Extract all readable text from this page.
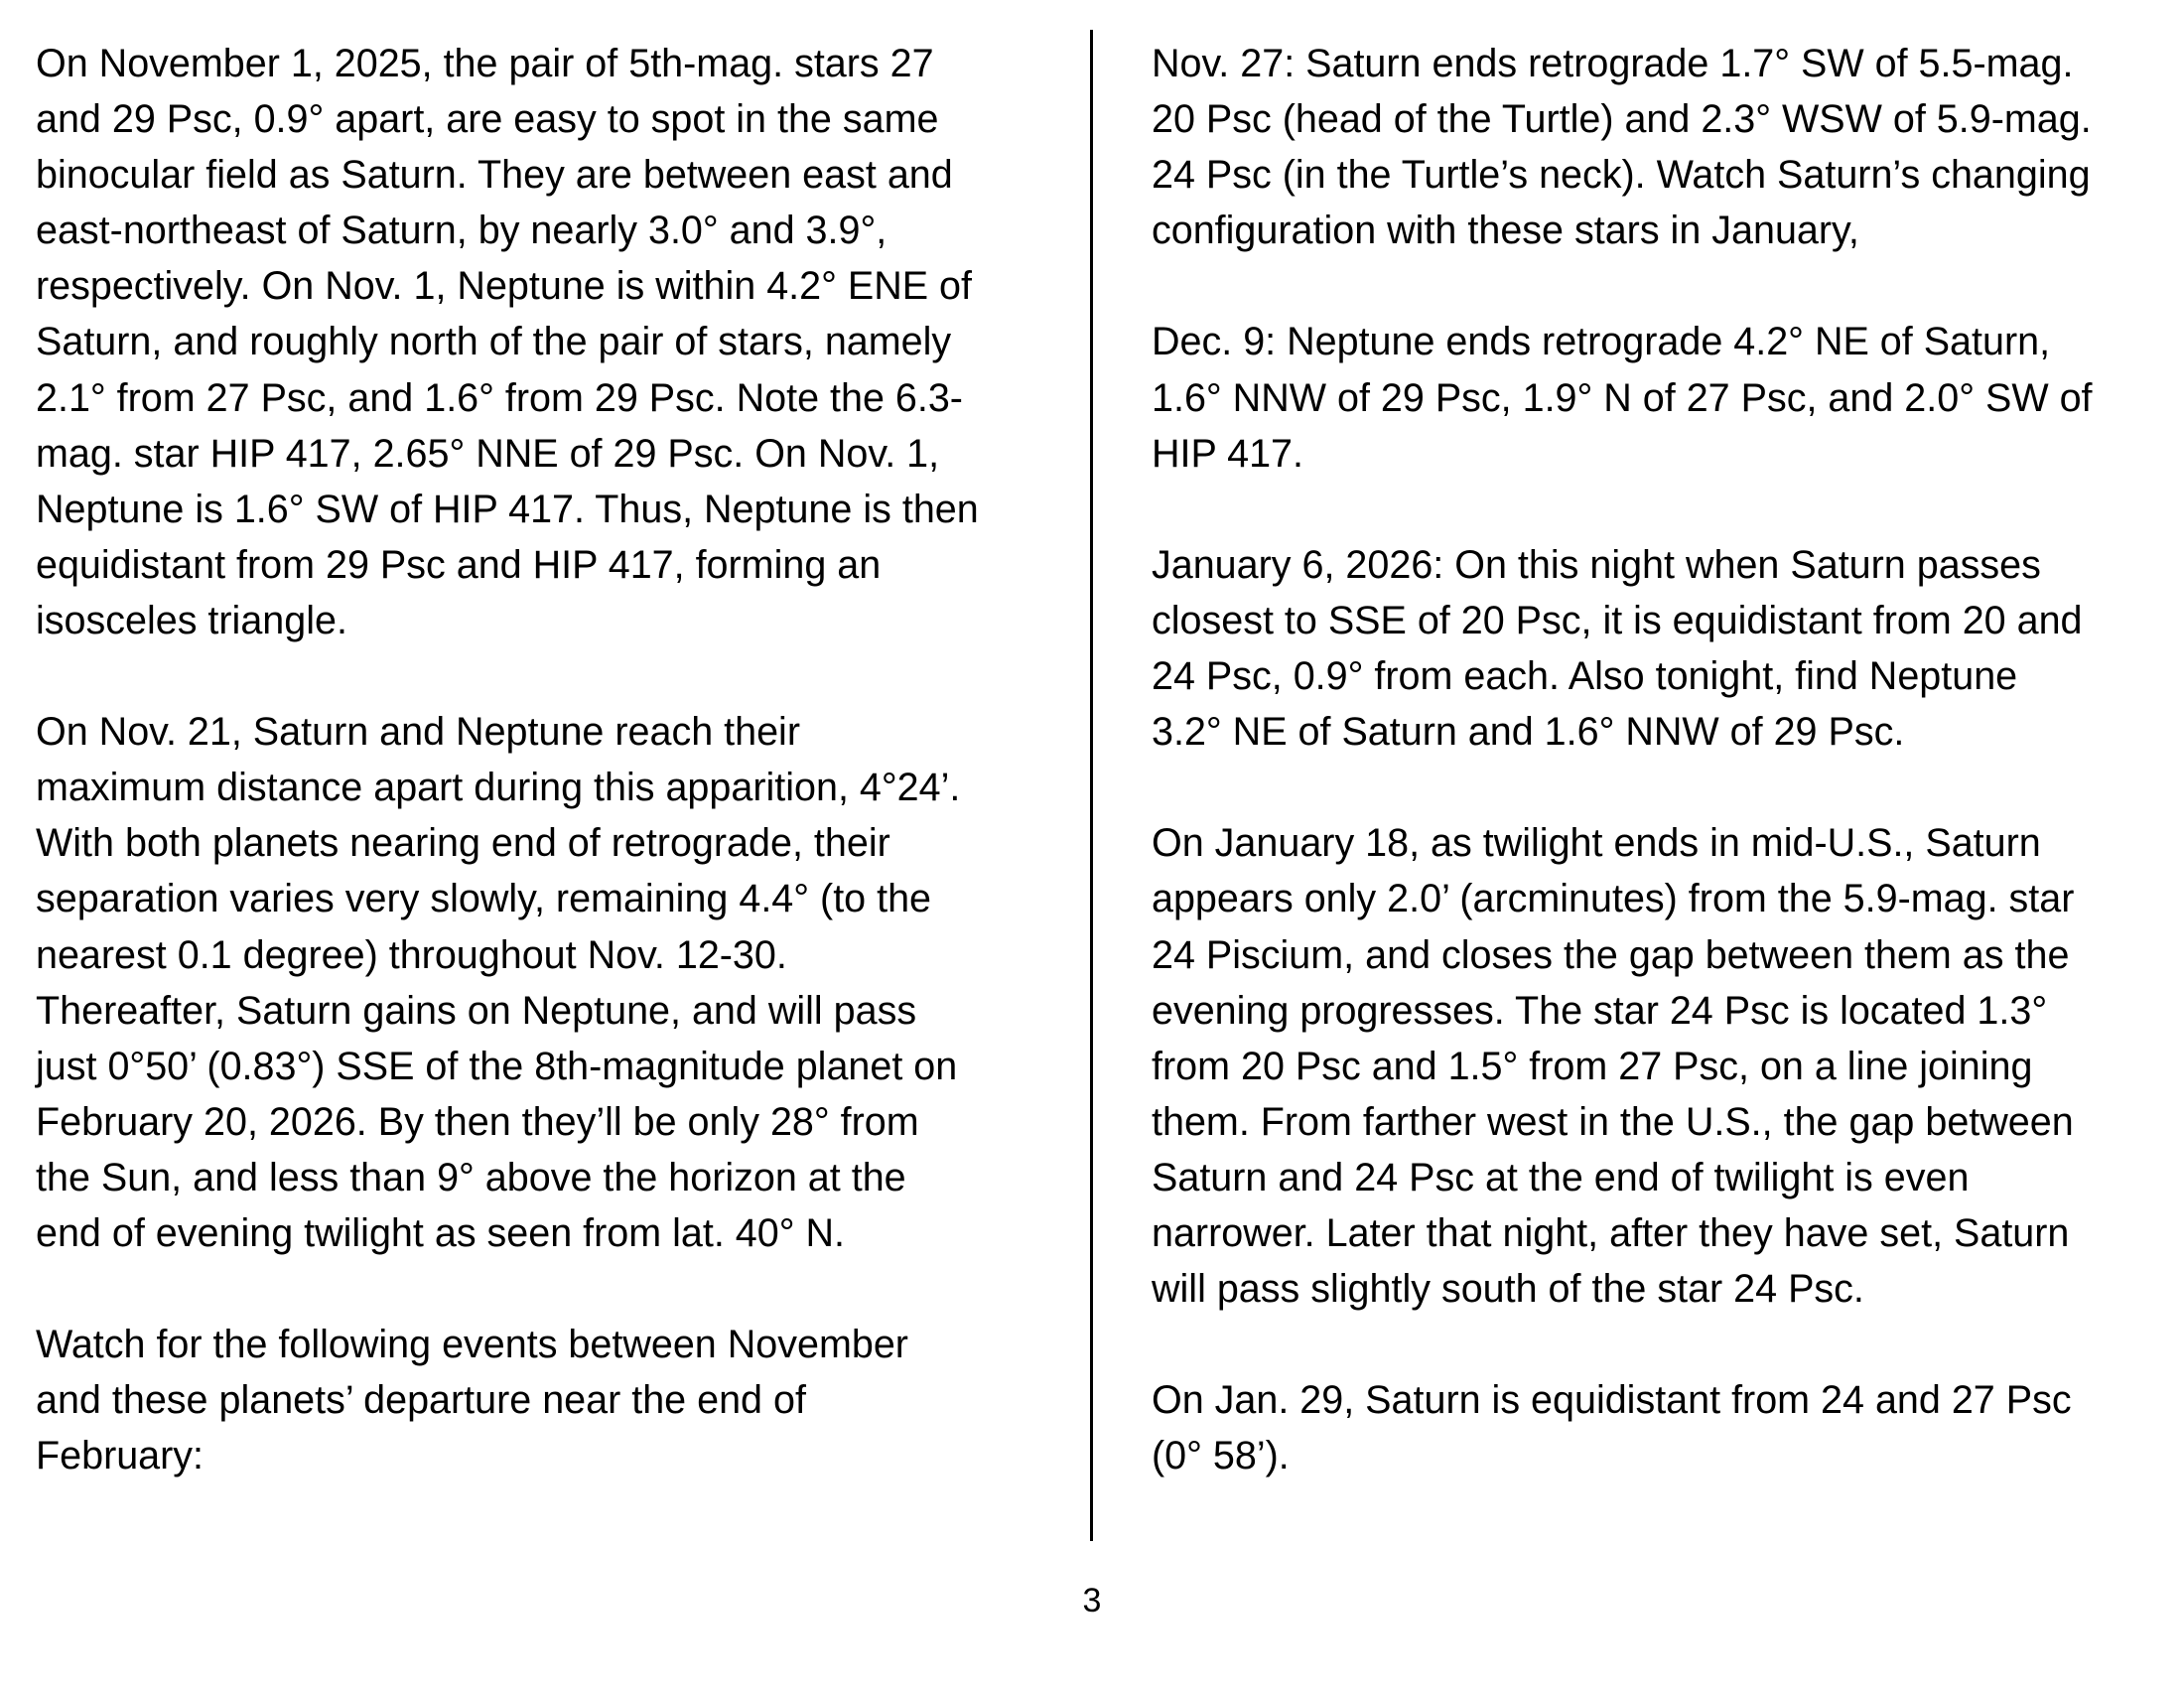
On November 1, 2025, the pair of 5th-mag. stars 27
and 29 Psc, 0.9° apart, are easy to spot in the same
binocular field as Saturn. They are between east and
east-northeast of Saturn, by nearly 3.0° and 3.9°,
respectively. On Nov. 1, Neptune is within 4.2° ENE of
Saturn, and roughly north of the pair of stars, namely
2.1° from 27 Psc, and 1.6° from 29 Psc. Note the 6.3-
mag. star HIP 417, 2.65° NNE of 29 Psc. On Nov. 1,
Neptune is 1.6° SW of HIP 417. Thus, Neptune is then
equidistant from 29 Psc and HIP 417, forming an
isosceles triangle.

On Nov. 21, Saturn and Neptune reach their
maximum distance apart during this apparition, 4°24’.
With both planets nearing end of retrograde, their
separation varies very slowly, remaining 4.4° (to the
nearest 0.1 degree) throughout Nov. 12-30.
Thereafter, Saturn gains on Neptune, and will pass
just 0°50’ (0.83°) SSE of the 8th-magnitude planet on
February 20, 2026. By then they’ll be only 28° from
the Sun, and less than 9° above the horizon at the
end of evening twilight as seen from lat. 40° N.

Watch for the following events between November
and these planets’ departure near the end of
February:

Nov. 27: Saturn ends retrograde 1.7° SW of 5.5-mag.
20 Psc (head of the Turtle) and 2.3° WSW of 5.9-mag.
24 Psc (in the Turtle’s neck). Watch Saturn’s changing
configuration with these stars in January,

Dec. 9: Neptune ends retrograde 4.2° NE of Saturn,
1.6° NNW of 29 Psc, 1.9° N of 27 Psc, and 2.0° SW of
HIP 417.

January 6, 2026: On this night when Saturn passes
closest to SSE of 20 Psc, it is equidistant from 20 and
24 Psc, 0.9° from each. Also tonight, find Neptune
3.2° NE of Saturn and 1.6° NNW of 29 Psc.

On January 18, as twilight ends in mid-U.S., Saturn
appears only 2.0’ (arcminutes) from the 5.9-mag. star
24 Piscium, and closes the gap between them as the
evening progresses. The star 24 Psc is located 1.3°
from 20 Psc and 1.5° from 27 Psc, on a line joining
them. From farther west in the U.S., the gap between
Saturn and 24 Psc at the end of twilight is even
narrower. Later that night, after they have set, Saturn
will pass slightly south of the star 24 Psc.

On Jan. 29, Saturn is equidistant from 24 and 27 Psc
(0° 58’).

3
